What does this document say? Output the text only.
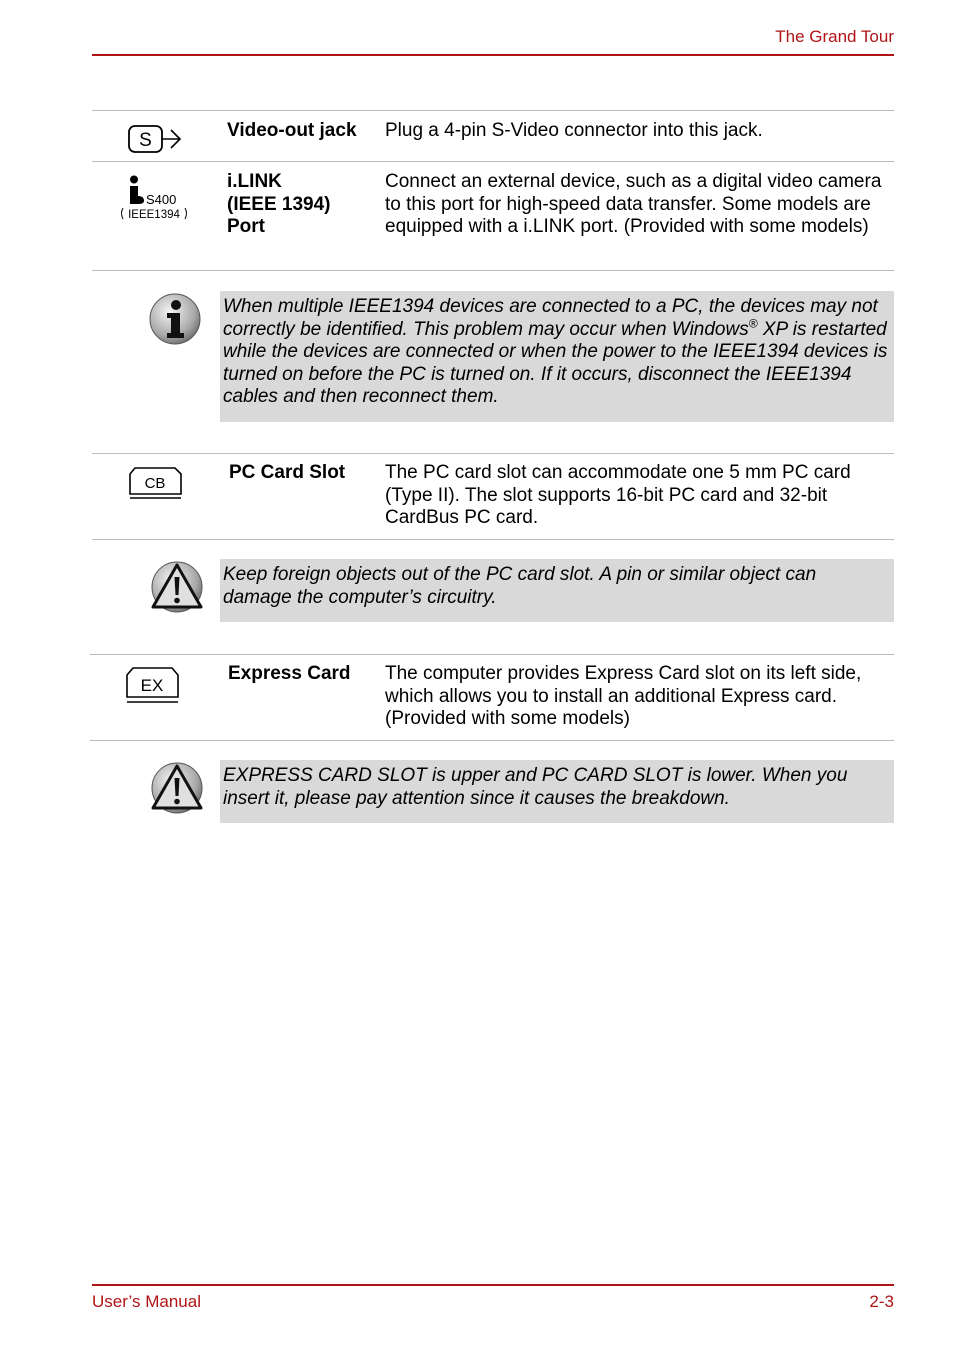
The Grand Tour
S	Video-out jack Plug a 4-pin S-Video connector into this jack.
S400
IEEE1394
i.LINK
(IEEE 1394)
Port
Connect an external device, such as a digital video camera to this port for high-speed data transfer. Some models are equipped with a i.LINK port. (Provided with some models)
When multiple IEEE1394 devices are connected to a PC, the devices may not correctly be identified. This problem may occur when Windows® XP is restarted while the devices are connected or when the power to the IEEE1394 devices is turned on before the PC is turned on. If it occurs, disconnect the IEEE1394 cables and then reconnect them.
CB
PC Card Slot The PC card slot can accommodate one 5 mm PC card (Type II). The slot supports 16-bit PC card and 32-bit CardBus PC card.
Keep foreign objects out of the PC card slot. A pin or similar object can damage the computer’s circuitry.
EX
Express Card The computer provides Express Card slot on its left side, which allows you to install an additional Express card. (Provided with some models)
EXPRESS CARD SLOT is upper and PC CARD SLOT is lower. When you insert it, please pay attention since it causes the breakdown.
User’s Manual	2-3
